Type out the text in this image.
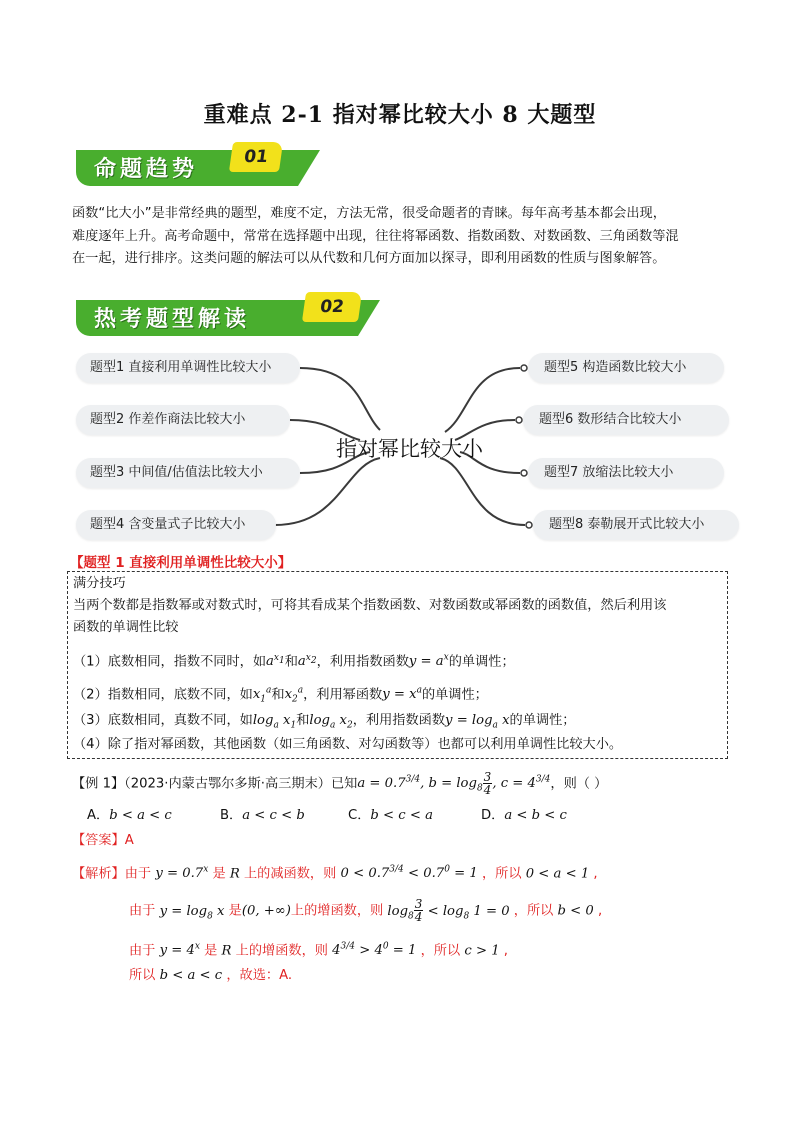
重难点 2-1 指对幂比较大小 8 大题型
命题趋势	01
函数“比大小”是非常经典的题型，难度不定，方法无常，很受命题者的青睐。每年高考基本都会出现，
难度逐年上升。高考命题中，常常在选择题中出现，往往将幂函数、指数函数、对数函数、三角函数等混
在一起，进行排序。这类问题的解法可以从代数和几何方面加以探寻，即利用函数的性质与图象解答。
热考题型解读	02
题型1 直接利用单调性比较大小
题型2 作差作商法比较大小
题型3 中间值/估值法比较大小
题型4 含变量式子比较大小
题型5 构造函数比较大小
题型6 数形结合比较大小
题型7 放缩法比较大小
题型8 泰勒展开式比较大小
指对幂比较大小
【题型 1 直接利用单调性比较大小】
满分技巧
当两个数都是指数幂或对数式时，可将其看成某个指数函数、对数函数或幂函数的函数值，然后利用该
函数的单调性比较
（1）底数相同，指数不同时，如$a^{x_1}$和$a^{x_2}$，利用指数函数$y = a^x$的单调性；
（2）指数相同，底数不同，如$x_1^a$和$x_2^a$，利用幂函数$y = x^a$的单调性；
（3）底数相同，真数不同，如$\log_a x_1$和$\log_a x_2$，利用指数函数$y = \log_a x$的单调性；
（4）除了指对幂函数，其他函数（如三角函数、对勾函数等）也都可以利用单调性比较大小。
【例 1】（2023·内蒙古鄂尔多斯·高三期末）已知$a = 0.7^{3/4}$, $b = \log_8 \frac{3}{4}$ , $c = 4^{3/4}$，则（ ）
A．b < a < c	B．a < c < b	C．b < c < a	D．a < b < c
【答案】A
【解析】由于 $y = 0.7^x$ 是 R 上的减函数，则 $0 < 0.7^{3/4} < 0.7^0 = 1$ ，所以 0 < a < 1 ,
由于 $y = \log_8 x$ 是(0, +∞)上的增函数，则 $\log_8 \frac{3}{4} < \log_8 1 = 0$ ，所以 b < 0 ,
由于 $y = 4^x$ 是 R 上的增函数，则 $4^{3/4} > 4^0 = 1$ ，所以 c > 1 ,
所以 b < a < c ，故选：A.
